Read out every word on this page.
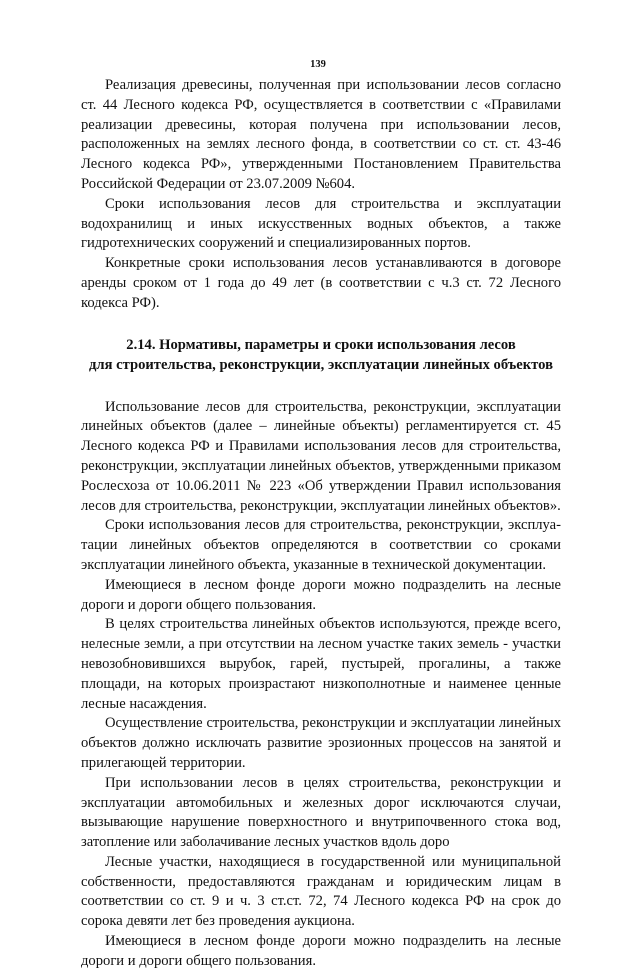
139

Реализация древесины, полученная при использовании лесов согласно ст. 44 Лесного кодекса РФ, осуществляется в соответствии с «Правилами реализации древесины, которая получена при использовании лесов, расположенных на землях лесного фонда, в соответствии со ст. ст. 43-46 Лесного кодекса РФ», утвержденными Постановлением Правительства Российской Федерации от 23.07.2009 №604.

Сроки использования лесов для строительства и эксплуатации водохранилищ и иных искусственных водных объектов, а также гидротехнических сооружений и специализированных портов.

Конкретные сроки использования лесов устанавливаются в договоре аренды сроком от 1 года до 49 лет (в соответствии с ч.3 ст. 72 Лесного кодекса РФ).

2.14. Нормативы, параметры и сроки использования лесов
для строительства, реконструкции, эксплуатации линейных объектов

Использование лесов для строительства, реконструкции, эксплуатации линейных объектов (далее – линейные объекты) регламентируется ст. 45 Лесного кодекса РФ и Правилами использования лесов для строительства, реконструкции, эксплуатации линейных объектов, утвержденными приказом Рослесхоза от 10.06.2011 № 223 «Об утверждении Правил использования лесов для строительства, реконструкции, эксплуатации линейных объектов».

Сроки использования лесов для строительства, реконструкции, эксплуатации линейных объектов определяются в соответствии со сроками эксплуатации линейного объекта, указанные в технической документации.

Имеющиеся в лесном фонде дороги можно подразделить на лесные дороги и дороги общего пользования.

В целях строительства линейных объектов используются, прежде всего, нелесные земли, а при отсутствии на лесном участке таких земель - участки невозобновившихся вырубок, гарей, пустырей, прогалины, а также площади, на которых произрастают низкополнотные и наименее ценные лесные насаждения.

Осуществление строительства, реконструкции и эксплуатации линейных объектов должно исключать развитие эрозионных процессов на занятой и прилегающей территории.

При использовании лесов в целях строительства, реконструкции и эксплуатации автомобильных и железных дорог исключаются случаи, вызывающие нарушение поверхностного и внутрипочвенного стока вод, затопление или заболачивание лесных участков вдоль доро

Лесные участки, находящиеся в государственной или муниципальной собственности, предоставляются гражданам и юридическим лицам в соответствии со ст. 9 и ч. 3 ст.ст. 72, 74 Лесного кодекса РФ на срок до сорока девяти лет без проведения аукциона.

Имеющиеся в лесном фонде дороги можно подразделить на лесные дороги и дороги общего пользования.
